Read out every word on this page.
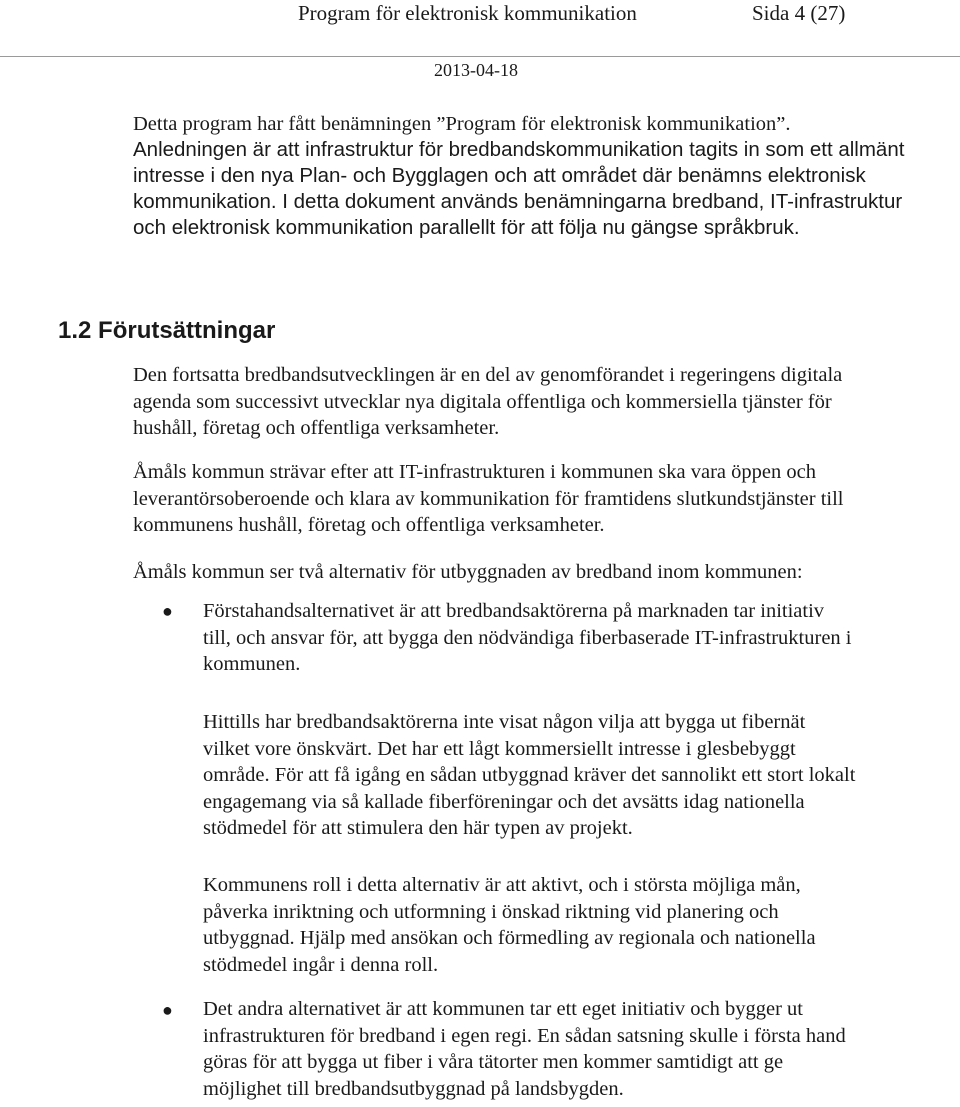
Program för elektronisk kommunikation	Sida 4 (27)
2013-04-18
Detta program har fått benämningen ”Program för elektronisk kommunikation”.
Anledningen är att infrastruktur för bredbandskommunikation tagits in som ett allmänt
intresse i den nya Plan- och Bygglagen och att området där benämns elektronisk
kommunikation. I detta dokument används benämningarna bredband, IT-infrastruktur
och elektronisk kommunikation parallellt för att följa nu gängse språkbruk.
1.2 Förutsättningar
Den fortsatta bredbandsutvecklingen är en del av genomförandet i regeringens digitala
agenda som successivt utvecklar nya digitala offentliga och kommersiella tjänster för
hushåll, företag och offentliga verksamheter.
Åmåls kommun strävar efter att IT-infrastrukturen i kommunen ska vara öppen och
leverantörsoberoende och klara av kommunikation för framtidens slutkundstjänster till
kommunens hushåll, företag och offentliga verksamheter.
Åmåls kommun ser två alternativ för utbyggnaden av bredband inom kommunen:
● Förstahandsalternativet är att bredbandsaktörerna på marknaden tar initiativ
till, och ansvar för, att bygga den nödvändiga fiberbaserade IT-infrastrukturen i
kommunen.
Hittills har bredbandsaktörerna inte visat någon vilja att bygga ut fibernät
vilket vore önskvärt. Det har ett lågt kommersiellt intresse i glesbebyggt
område. För att få igång en sådan utbyggnad kräver det sannolikt ett stort lokalt
engagemang via så kallade fiberföreningar och det avsätts idag nationella
stödmedel för att stimulera den här typen av projekt.
Kommunens roll i detta alternativ är att aktivt, och i största möjliga mån,
påverka inriktning och utformning i önskad riktning vid planering och
utbyggnad. Hjälp med ansökan och förmedling av regionala och nationella
stödmedel ingår i denna roll.
● Det andra alternativet är att kommunen tar ett eget initiativ och bygger ut
infrastrukturen för bredband i egen regi. En sådan satsning skulle i första hand
göras för att bygga ut fiber i våra tätorter men kommer samtidigt att ge
möjlighet till bredbandsutbyggnad på landsbygden.
